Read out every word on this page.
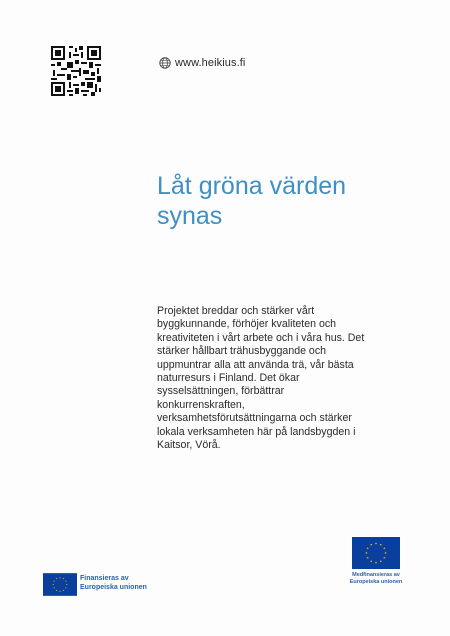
www.heikius.fi
Låt gröna värden
synas

Projektet breddar och stärker vårt
byggkunnande, förhöjer kvaliteten och
kreativiteten i vårt arbete och i våra hus. Det
stärker hållbart trähusbyggande och
uppmuntrar alla att använda trä, vår bästa
naturresurs i Finland. Det ökar
sysselsättningen, förbättrar
konkurrenskraften,
verksamhetsförutsättningarna och stärker
lokala verksamheten här på landsbygden i
Kaitsor, Vörå.

Finansieras av
Europeiska unionen
Medfinansieras av
Europeiska unionen
